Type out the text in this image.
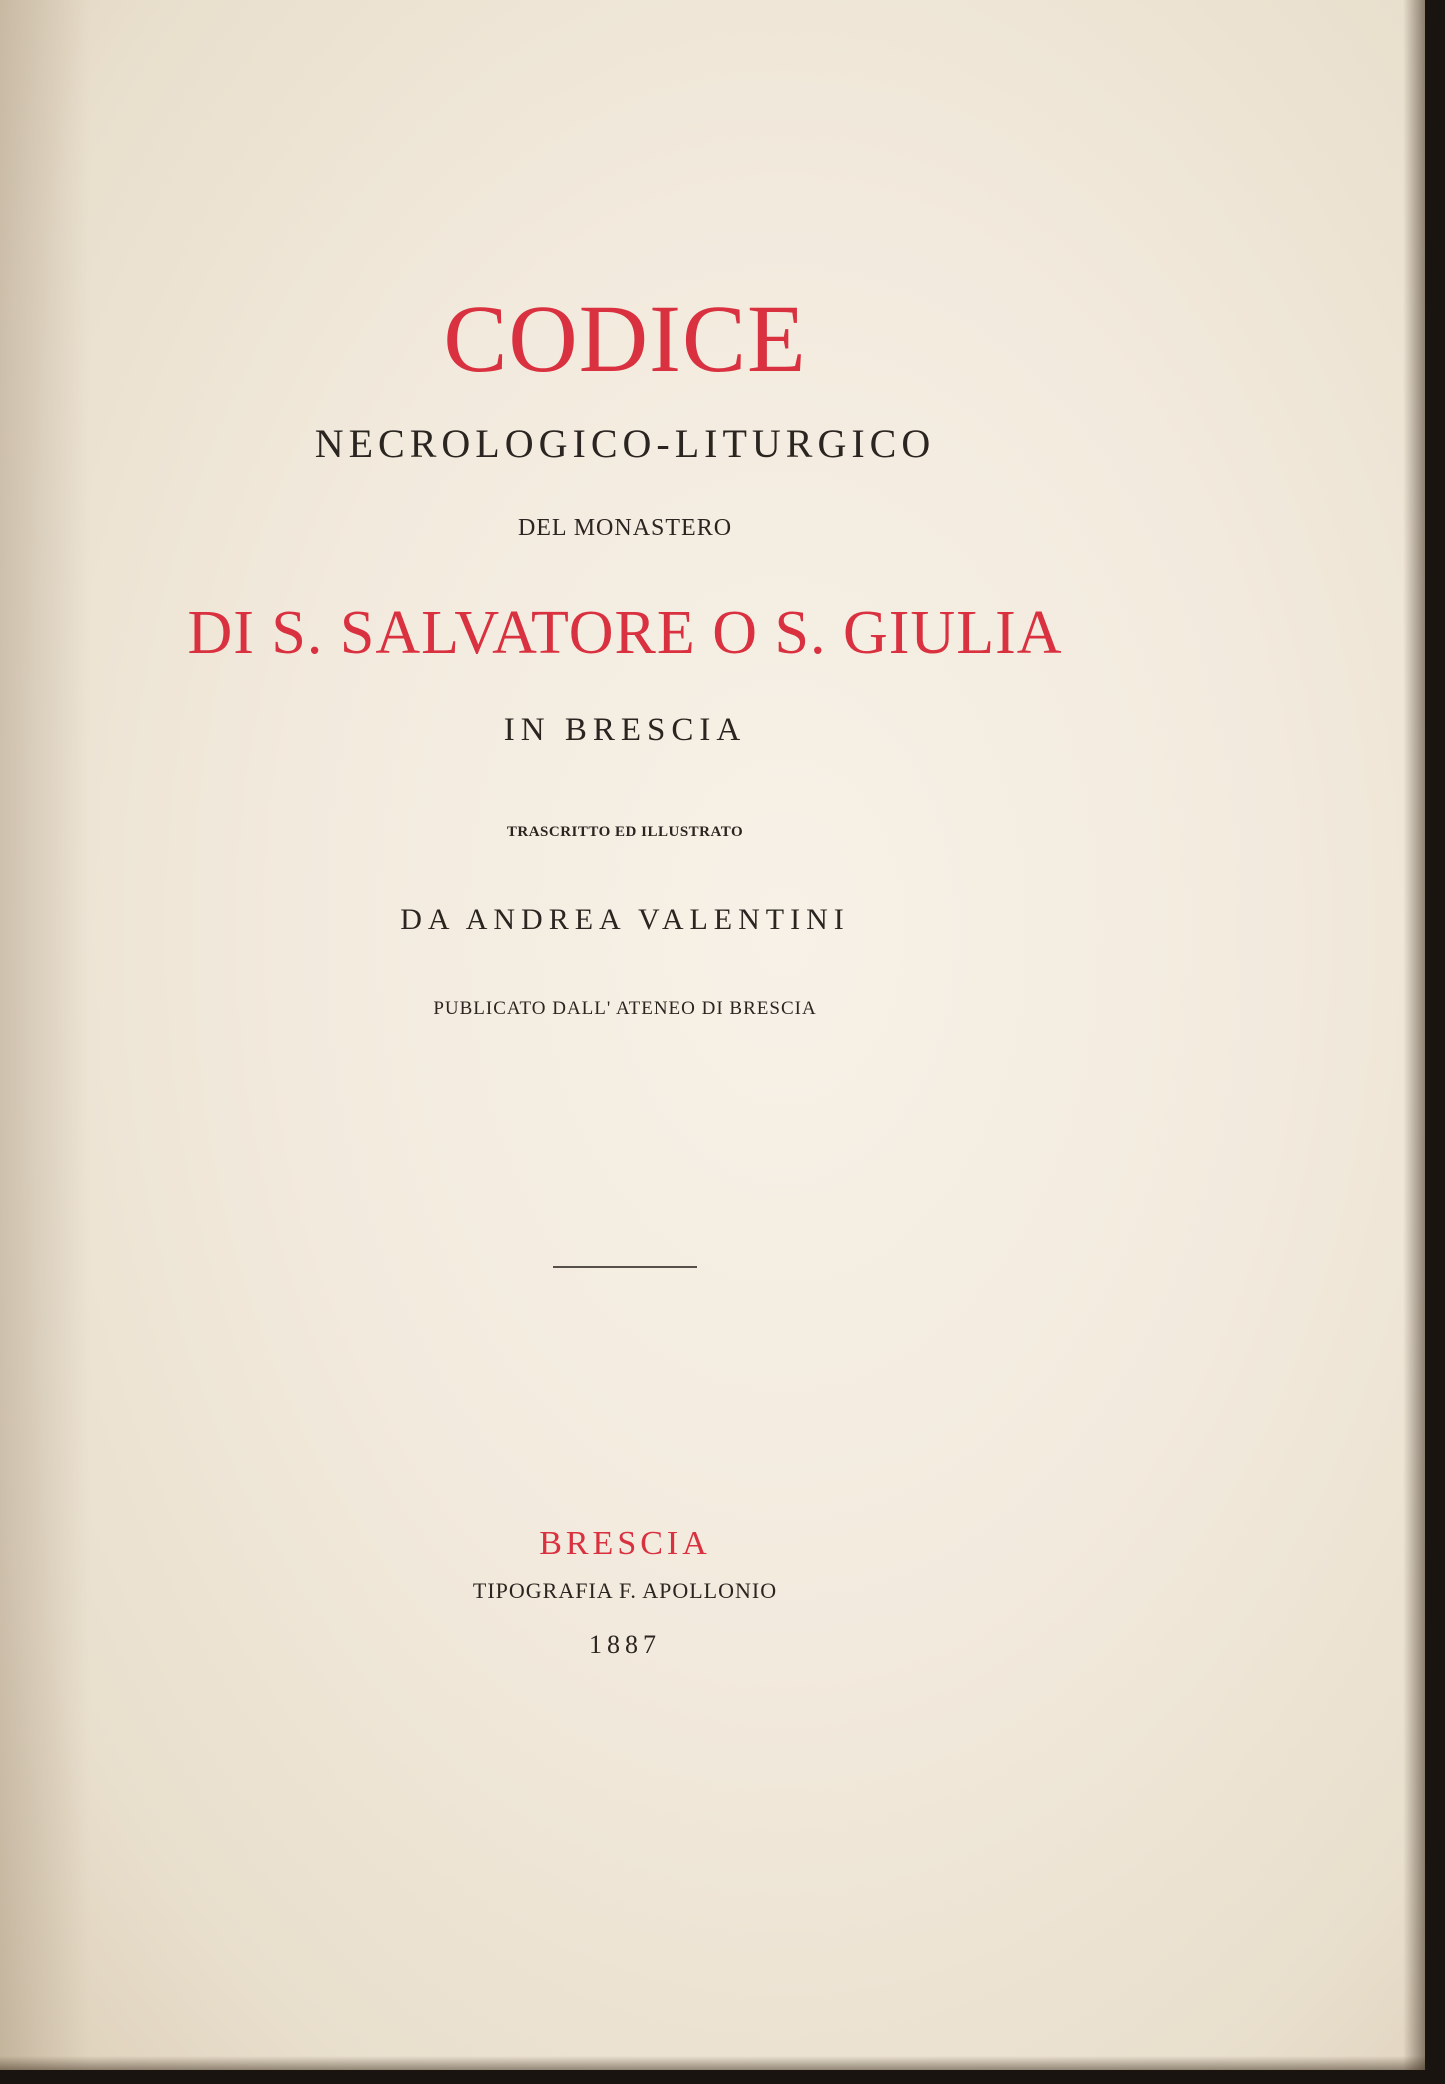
CODICE
NECROLOGICO-LITURGICO
DEL MONASTERO
DI S. SALVATORE O S. GIULIA
IN BRESCIA
TRASCRITTO ED ILLUSTRATO
DA ANDREA VALENTINI
PUBLICATO DALL' ATENEO DI BRESCIA
BRESCIA
TIPOGRAFIA F. APOLLONIO
1887
